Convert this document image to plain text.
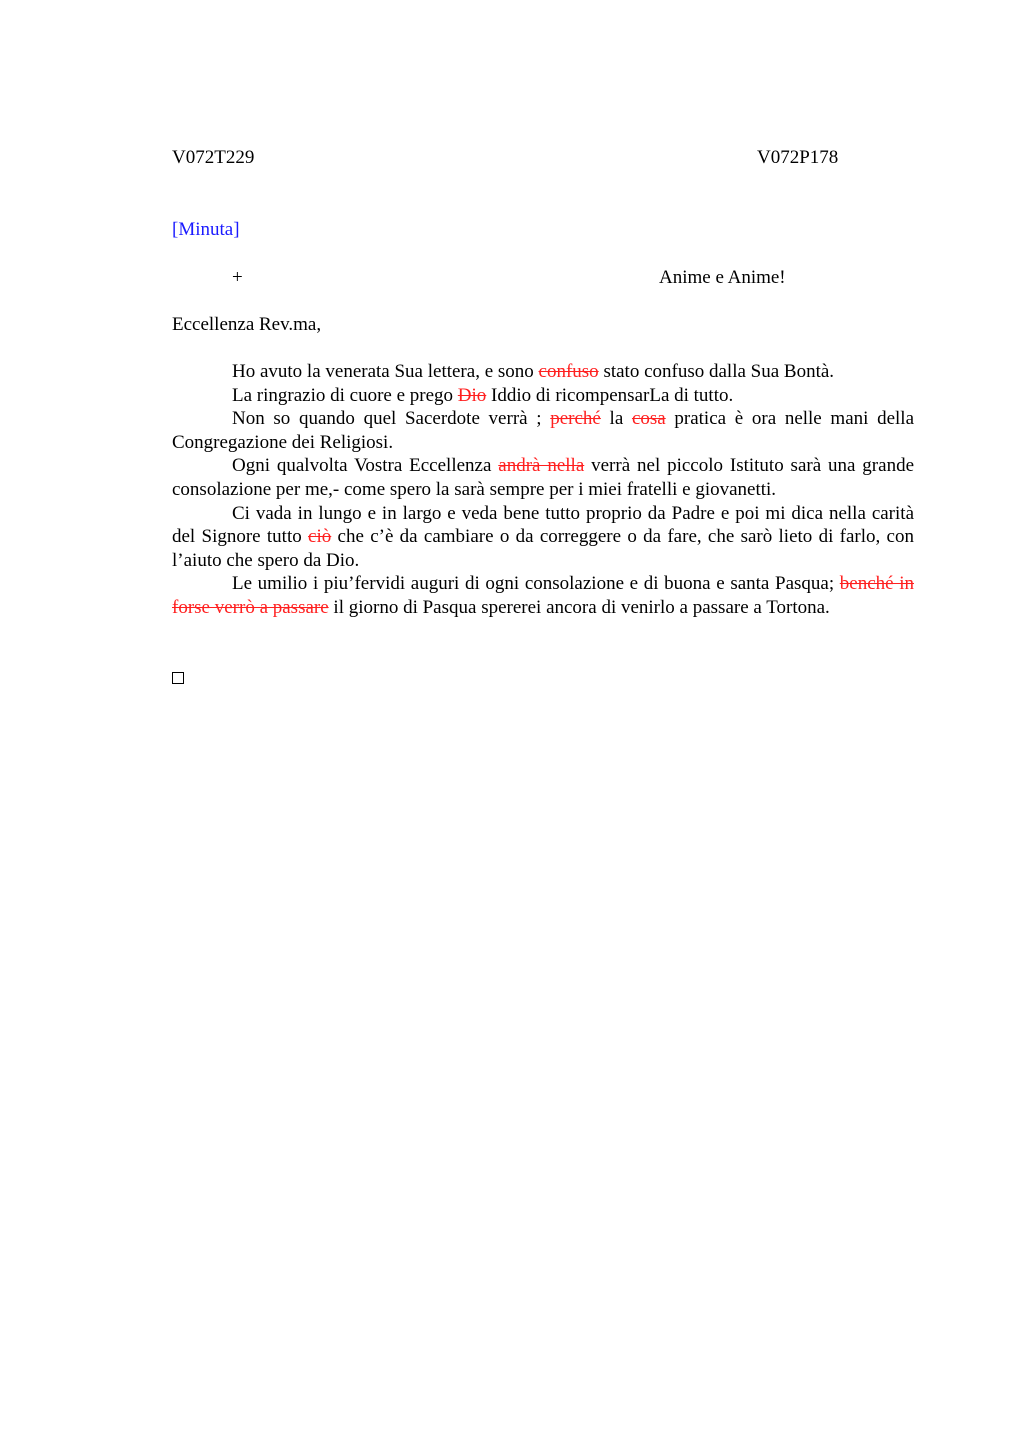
V072T229	V072P178
[Minuta]
+	Anime e Anime!
Eccellenza Rev.ma,

Ho avuto la venerata Sua lettera, e sono confuso stato confuso dalla Sua Bontà.

La ringrazio di cuore e prego Dio Iddio di ricompensarLa di tutto.

Non so quando quel Sacerdote verrà ; perché la cosa pratica è ora nelle mani della Congregazione dei Religiosi.

Ogni qualvolta Vostra Eccellenza andrà nella verrà nel piccolo Istituto sarà una grande consolazione per me,- come spero la sarà sempre per i miei fratelli e giovanetti.

Ci vada in lungo e in largo e veda bene tutto proprio da Padre e poi mi dica nella carità del Signore tutto ciò che c’è da cambiare o da correggere o da fare, che sarò lieto di farlo, con l’aiuto che spero da Dio.

Le umilio i piu’fervidi auguri di ogni consolazione e di buona e santa Pasqua; benché in forse verrò a passare il giorno di Pasqua spererei ancora di venirlo a passare a Tortona.
